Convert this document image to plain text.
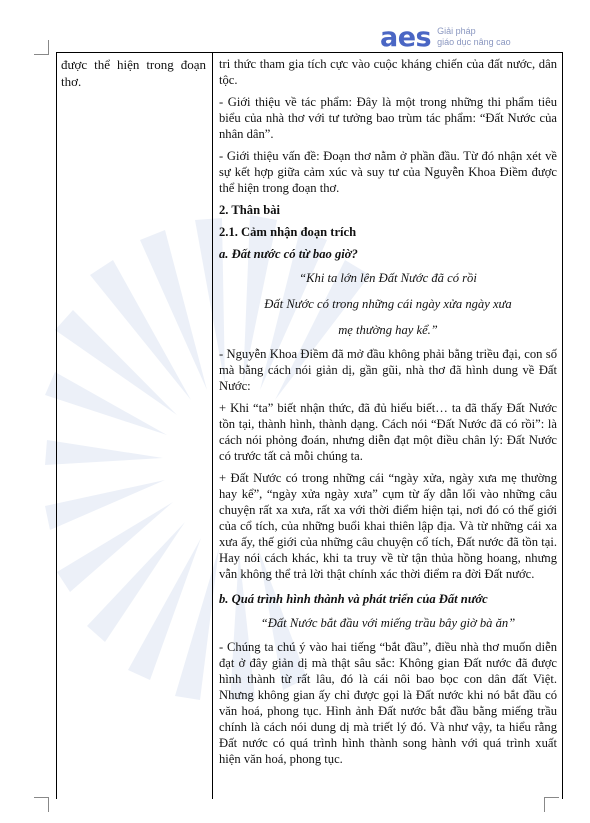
aes Giải pháp
giáo dục nâng cao

được thể hiện trong đoạn thơ.

tri thức tham gia tích cực vào cuộc kháng chiến của đất nước, dân tộc.

- Giới thiệu về tác phẩm: Đây là một trong những thi phẩm tiêu biểu của nhà thơ với tư tưởng bao trùm tác phẩm: “Đất Nước của nhân dân”.

- Giới thiệu vấn đề: Đoạn thơ nằm ở phần đầu. Từ đó nhận xét về sự kết hợp giữa cảm xúc và suy tư của Nguyễn Khoa Điềm được thể hiện trong đoạn thơ.

2. Thân bài

2.1. Cảm nhận đoạn trích

a. Đất nước có từ bao giờ?

“Khi ta lớn lên Đất Nước đã có rồi

Đất Nước có trong những cái ngày xửa ngày xưa

mẹ thường hay kể.”

- Nguyễn Khoa Điềm đã mở đầu không phải bằng triều đại, con số mà bằng cách nói giản dị, gần gũi, nhà thơ đã hình dung về Đất Nước:

+ Khi “ta” biết nhận thức, đã đủ hiểu biết… ta đã thấy Đất Nước tồn tại, thành hình, thành dạng. Cách nói “Đất Nước đã có rồi”: là cách nói phỏng đoán, nhưng diễn đạt một điều chân lý: Đất Nước có trước tất cả mỗi chúng ta.

+ Đất Nước có trong những cái “ngày xửa, ngày xưa mẹ thường hay kể”, “ngày xửa ngày xưa” cụm từ ấy dẫn lối vào những câu chuyện rất xa xưa, rất xa với thời điểm hiện tại, nơi đó có thế giới của cổ tích, của những buổi khai thiên lập địa. Và từ những cái xa xưa ấy, thế giới của những câu chuyện cổ tích, Đất nước đã tồn tại. Hay nói cách khác, khi ta truy về từ tận thủa hồng hoang, nhưng vẫn không thể trả lời thật chính xác thời điểm ra đời Đất nước.

b. Quá trình hình thành và phát triển của Đất nước

“Đất Nước bắt đầu với miếng trầu bây giờ bà ăn”

- Chúng ta chú ý vào hai tiếng “bắt đầu”, điều nhà thơ muốn diễn đạt ở đây giản dị mà thật sâu sắc: Không gian Đất nước đã được hình thành từ rất lâu, đó là cái nôi bao bọc con dân đất Việt. Nhưng không gian ấy chỉ được gọi là Đất nước khi nó bắt đầu có văn hoá, phong tục. Hình ảnh Đất nước bắt đầu bằng miếng trầu chính là cách nói dung dị mà triết lý đó. Và như vậy, ta hiểu rằng Đất nước có quá trình hình thành song hành với quá trình xuất hiện văn hoá, phong tục.
